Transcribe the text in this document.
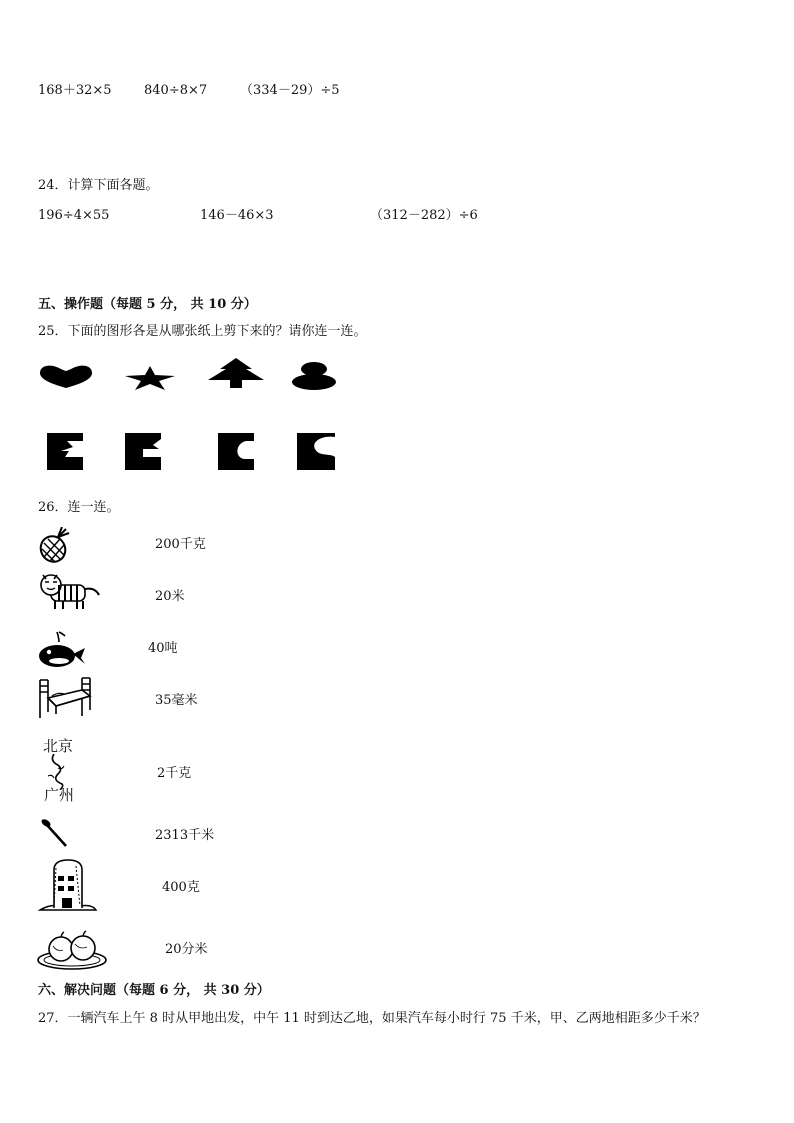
168＋32×5 840÷8×7	（334－29）÷5
24．计算下面各题。
196÷4×55	146－46×3	（312－282）÷6
五、操作题（每题 5 分， 共 10 分）
25．下面的图形各是从哪张纸上剪下来的？请你连一连。
26．连一连。
北京
广州
200千克
20米
40吨
35毫米
2千克
2313千米
400克
20分米
六、解决问题（每题 6 分， 共 30 分）
27．一辆汽车上午 8 时从甲地出发，中午 11 时到达乙地，如果汽车每小时行 75 千米，甲、乙两地相距多少千米？
